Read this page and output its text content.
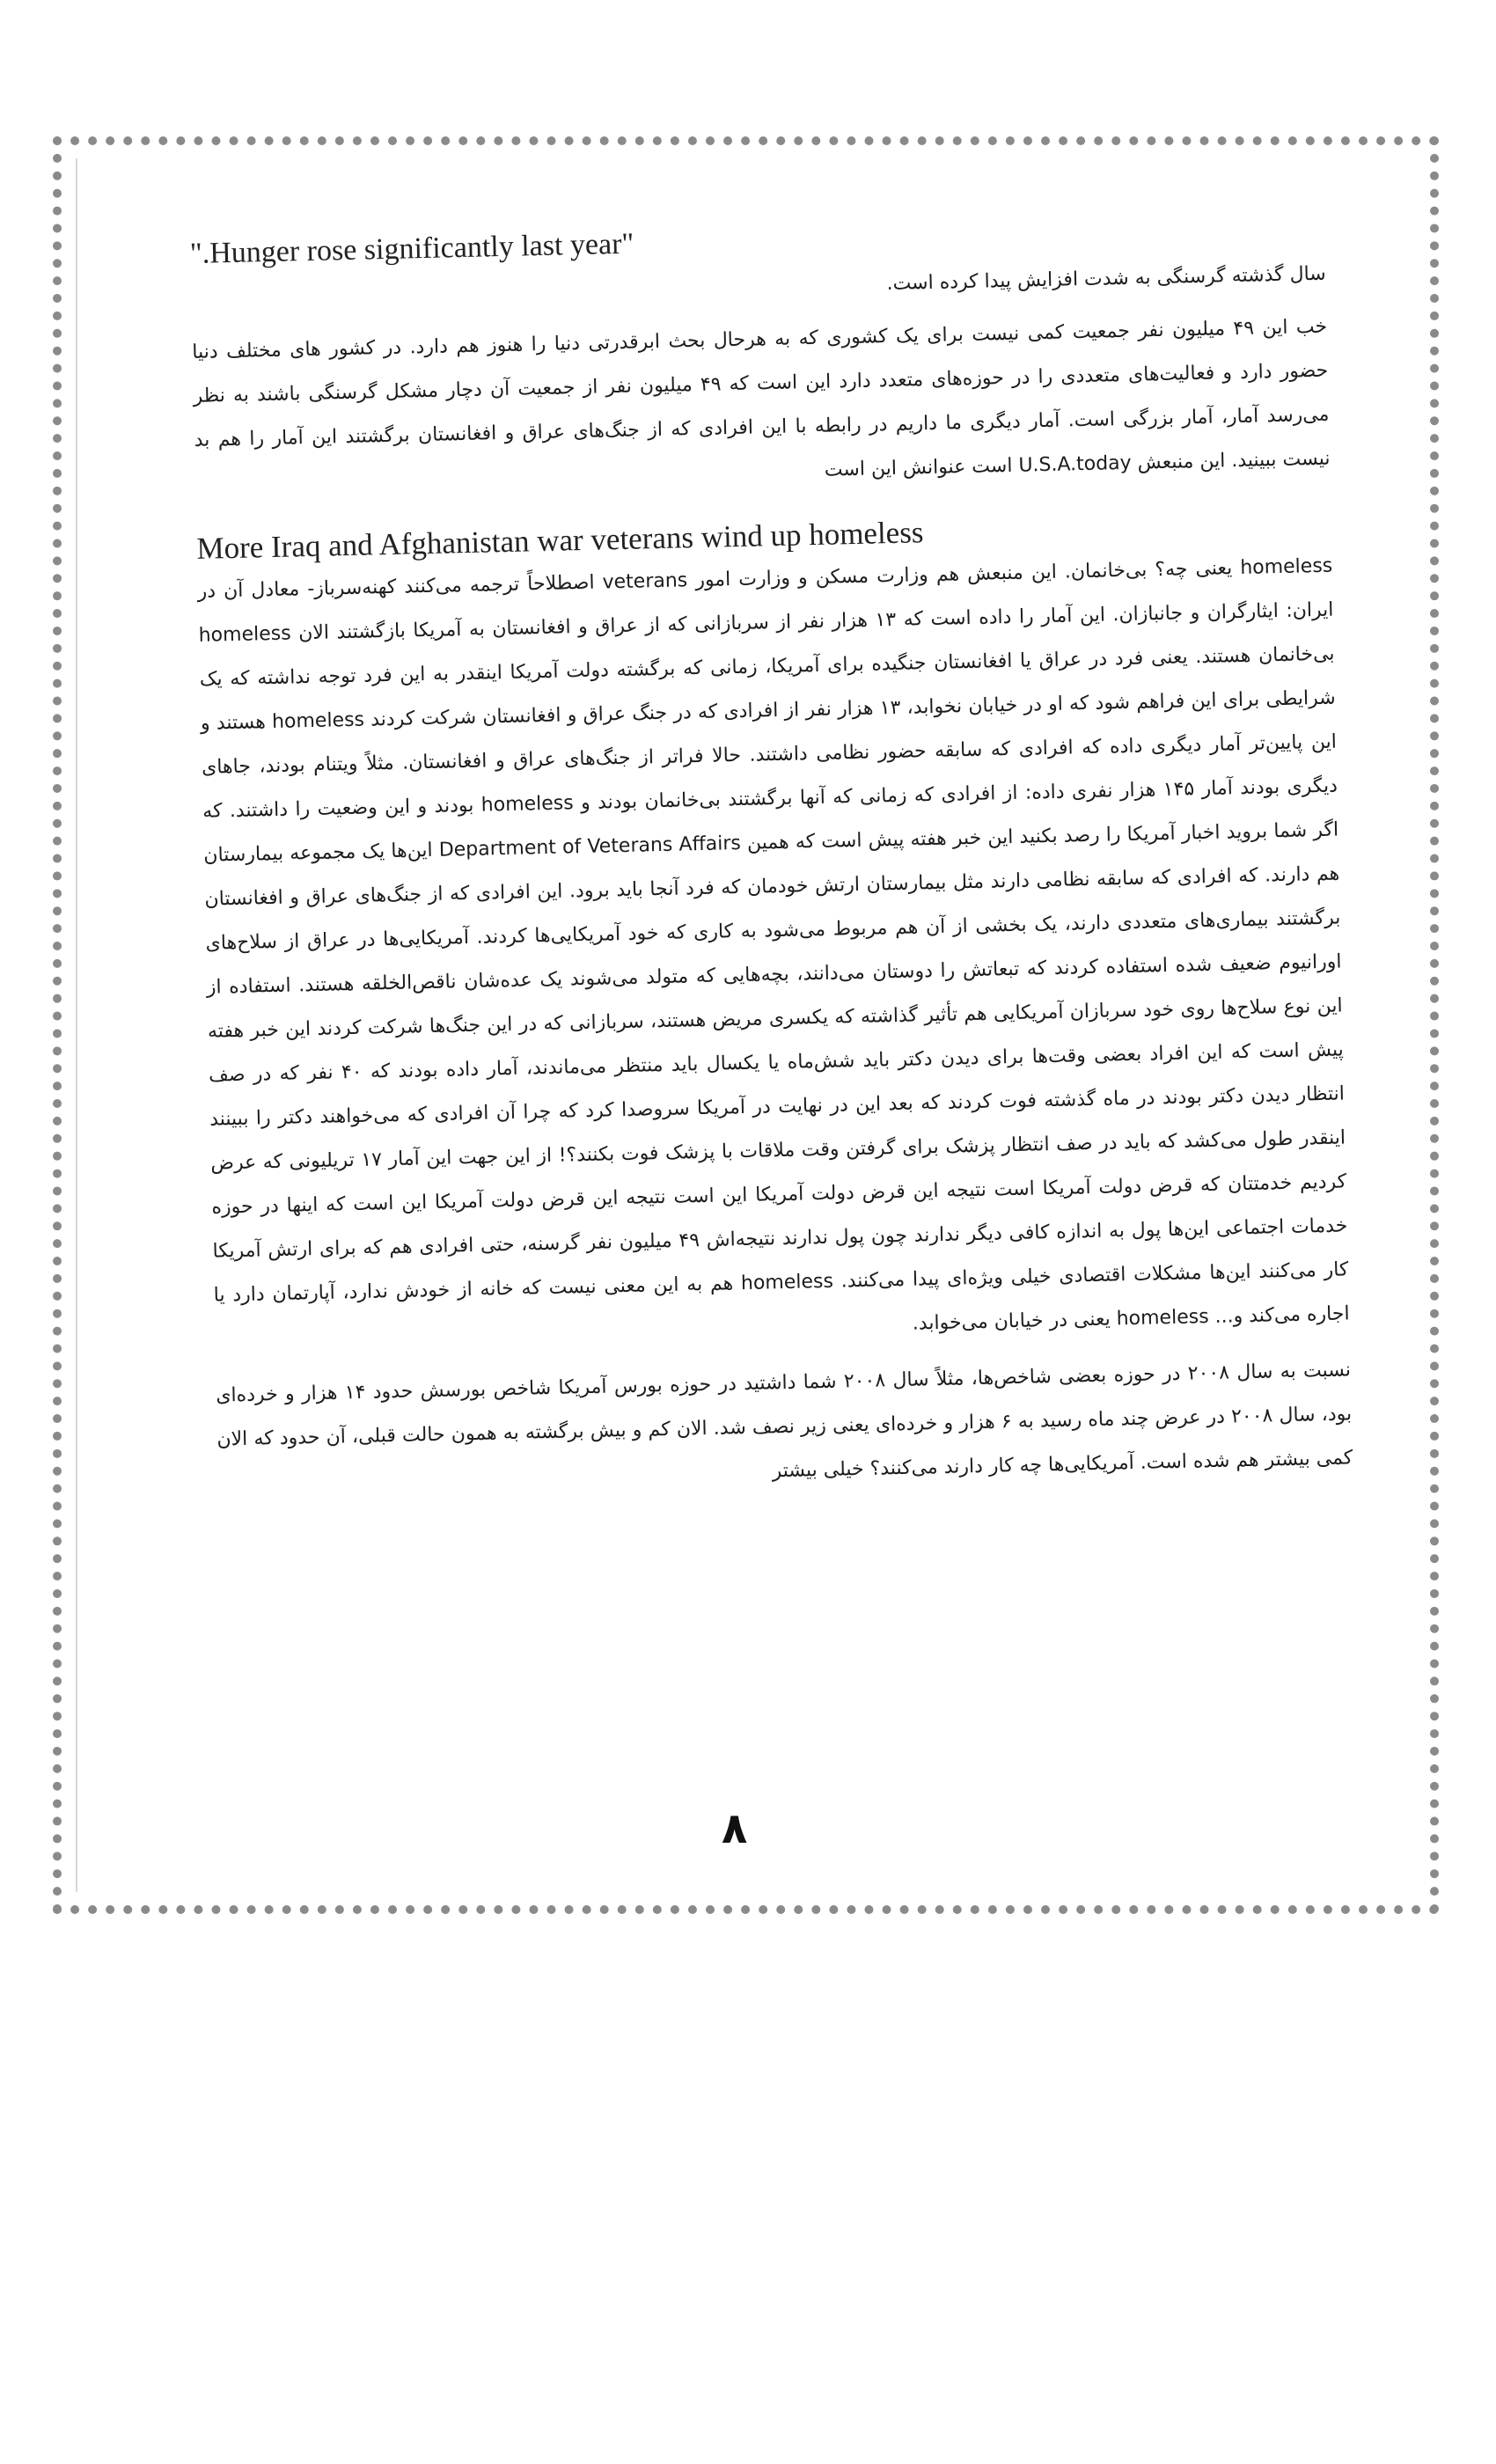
".Hunger rose significantly last year"

سال گذشته گرسنگی به شدت افزایش پیدا کرده است.

خب این ۴۹ میلیون نفر جمعیت کمی نیست برای یک کشوری که به هرحال بحث ابرقدرتی دنیا را هنوز هم دارد. در کشور های مختلف دنیا حضور دارد و فعالیت‌های متعددی را در حوزه‌های متعدد دارد این است که ۴۹ میلیون نفر از جمعیت آن دچار مشکل گرسنگی باشند به نظر می‌رسد آمار، آمار بزرگی است. آمار دیگری ما داریم در رابطه با این افرادی که از جنگ‌های عراق و افغانستان برگشتند این آمار را هم بد نیست ببینید. این منبعش U.S.A.today است عنوانش این است

More Iraq and Afghanistan war veterans wind up homeless

homeless یعنی چه؟ بی‌خانمان. این منبعش هم وزارت مسکن و وزارت امور veterans اصطلاحاً ترجمه می‌کنند کهنه‌سرباز- معادل آن در ایران: ایثارگران و جانبازان. این آمار را داده است که ۱۳ هزار نفر از سربازانی که از عراق و افغانستان به آمریکا بازگشتند الان homeless بی‌خانمان هستند. یعنی فرد در عراق یا افغانستان جنگیده برای آمریکا، زمانی که برگشته دولت آمریکا اینقدر به این فرد توجه نداشته که یک شرایطی برای این فراهم شود که او در خیابان نخوابد، ۱۳ هزار نفر از افرادی که در جنگ عراق و افغانستان شرکت کردند homeless هستند و این پایین‌تر آمار دیگری داده که افرادی که سابقه حضور نظامی داشتند. حالا فراتر از جنگ‌های عراق و افغانستان. مثلاً ویتنام بودند، جاهای دیگری بودند آمار ۱۴۵ هزار نفری داده: از افرادی که زمانی که آنها برگشتند بی‌خانمان بودند و homeless بودند و این وضعیت را داشتند. که اگر شما بروید اخبار آمریکا را رصد بکنید این خبر هفته پیش است که همین Department of Veterans Affairs این‌ها یک مجموعه بیمارستان هم دارند. که افرادی که سابقه نظامی دارند مثل بیمارستان ارتش خودمان که فرد آنجا باید برود. این افرادی که از جنگ‌های عراق و افغانستان برگشتند بیماری‌های متعددی دارند، یک بخشی از آن هم مربوط می‌شود به کاری که خود آمریکایی‌ها کردند. آمریکایی‌ها در عراق از سلاح‌های اورانیوم ضعیف شده استفاده کردند که تبعاتش را دوستان می‌دانند، بچه‌هایی که متولد می‌شوند یک عده‌شان ناقص‌الخلقه هستند. استفاده از این نوع سلاح‌ها روی خود سربازان آمریکایی هم تأثیر گذاشته که یکسری مریض هستند، سربازانی که در این جنگ‌ها شرکت کردند این خبر هفته پیش است که این افراد بعضی وقت‌ها برای دیدن دکتر باید شش‌ماه یا یکسال باید منتظر می‌ماندند، آمار داده بودند که ۴۰ نفر که در صف انتظار دیدن دکتر بودند در ماه گذشته فوت کردند که بعد این در نهایت در آمریکا سروصدا کرد که چرا آن افرادی که می‌خواهند دکتر را ببینند اینقدر طول می‌کشد که باید در صف انتظار پزشک برای گرفتن وقت ملاقات با پزشک فوت بکنند؟! از این جهت این آمار ۱۷ تریلیونی که عرض کردیم خدمتتان که قرض دولت آمریکا است نتیجه این قرض دولت آمریکا این است نتیجه این قرض دولت آمریکا این است که اینها در حوزه خدمات اجتماعی این‌ها پول به اندازه کافی دیگر ندارند چون پول ندارند نتیجه‌اش ۴۹ میلیون نفر گرسنه، حتی افرادی هم که برای ارتش آمریکا کار می‌کنند این‌ها مشکلات اقتصادی خیلی ویژه‌ای پیدا می‌کنند. homeless هم به این معنی نیست که خانه از خودش ندارد، آپارتمان دارد یا اجاره می‌کند و... homeless یعنی در خیابان می‌خوابد.

نسبت به سال ۲۰۰۸ در حوزه بعضی شاخص‌ها، مثلاً سال ۲۰۰۸ شما داشتید در حوزه بورس آمریکا شاخص بورسش حدود ۱۴ هزار و خرده‌ای بود، سال ۲۰۰۸ در عرض چند ماه رسید به ۶ هزار و خرده‌ای یعنی زیر نصف شد. الان کم و بیش برگشته به همون حالت قبلی، آن حدود که الان کمی بیشتر هم شده است. آمریکایی‌ها چه کار دارند می‌کنند؟ خیلی بیشتر

۸
